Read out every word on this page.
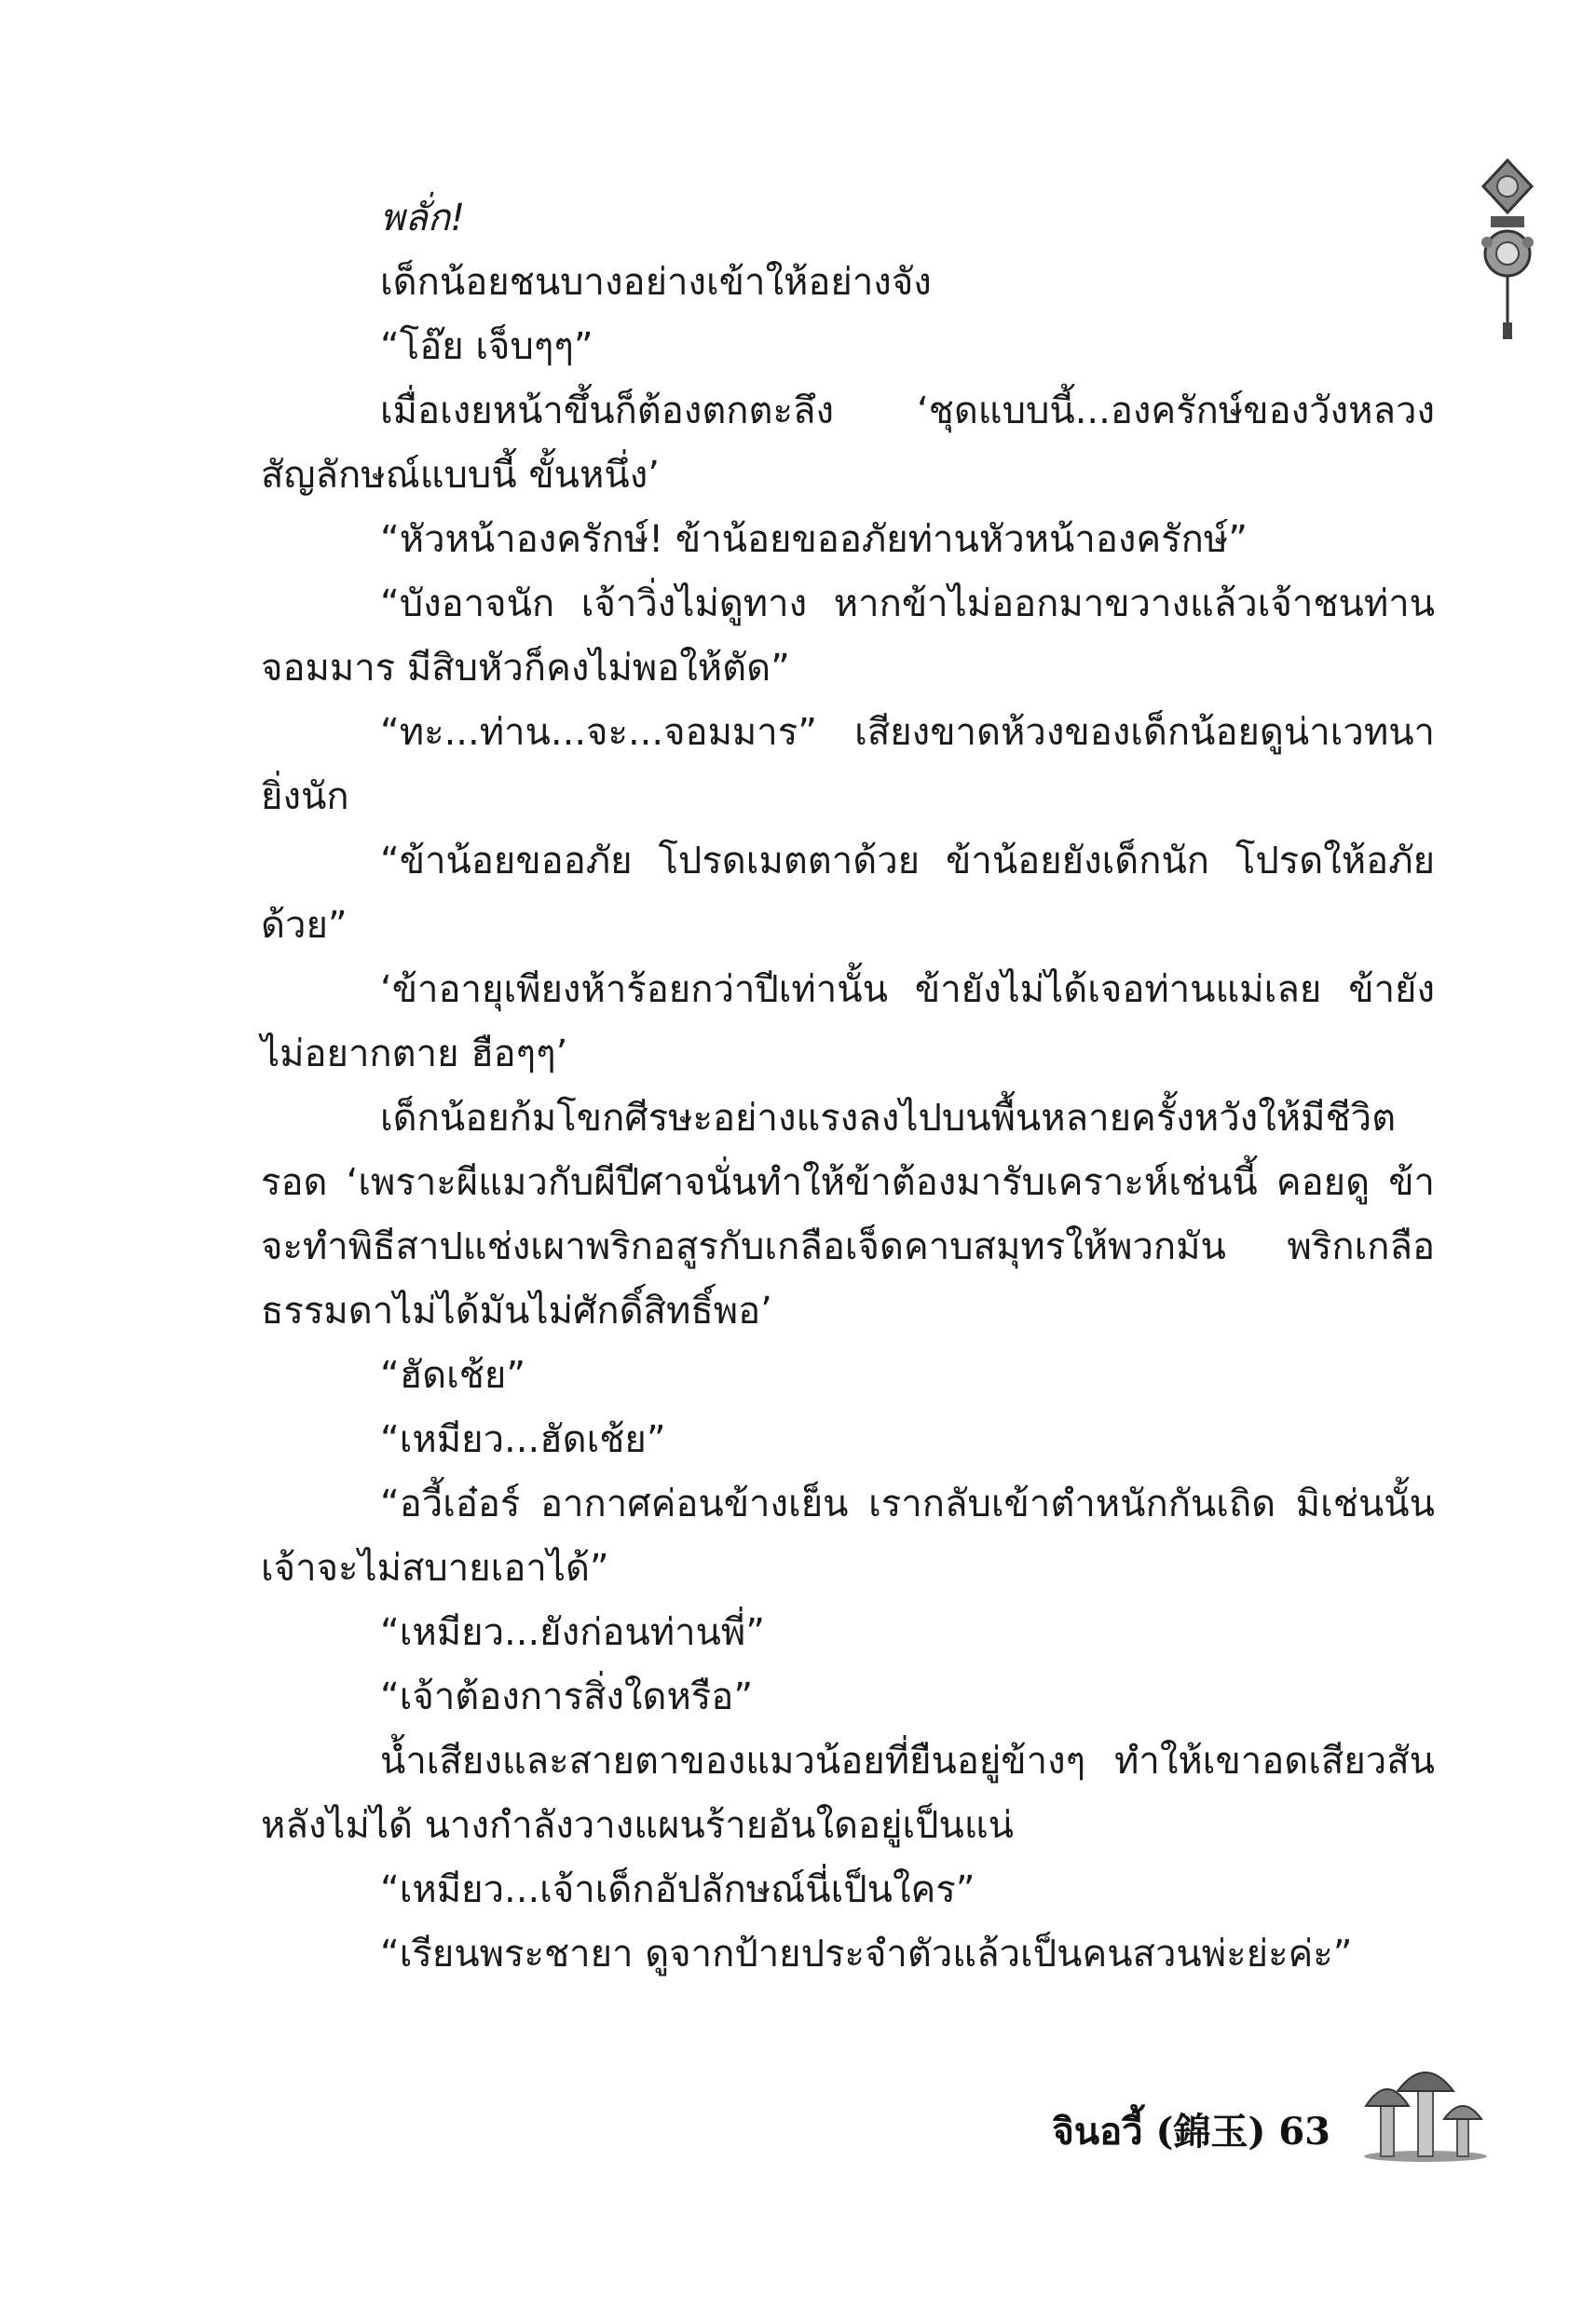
พลั่ก!

เด็กน้อยชนบางอย่างเข้าให้อย่างจัง

“โอ๊ย เจ็บๆๆ”

เมื่อเงยหน้าขึ้นก็ต้องตกตะลึง ‘ชุดแบบนี้...องครักษ์ของวังหลวง สัญลักษณ์แบบนี้ ขั้นหนึ่ง’

“หัวหน้าองครักษ์! ข้าน้อยขออภัยท่านหัวหน้าองครักษ์”

“บังอาจนัก เจ้าวิ่งไม่ดูทาง หากข้าไม่ออกมาขวางแล้วเจ้าชนท่านจอมมาร มีสิบหัวก็คงไม่พอให้ตัด”

“ทะ...ท่าน...จะ...จอมมาร” เสียงขาดห้วงของเด็กน้อยดูน่าเวทนายิ่งนัก

“ข้าน้อยขออภัย โปรดเมตตาด้วย ข้าน้อยยังเด็กนัก โปรดให้อภัยด้วย”

‘ข้าอายุเพียงห้าร้อยกว่าปีเท่านั้น ข้ายังไม่ได้เจอท่านแม่เลย ข้ายังไม่อยากตาย ฮือๆๆ’

เด็กน้อยก้มโขกศีรษะอย่างแรงลงไปบนพื้นหลายครั้งหวังให้มีชีวิตรอด ‘เพราะผีแมวกับผีปีศาจนั่นทำให้ข้าต้องมารับเคราะห์เช่นนี้ คอยดู ข้าจะทำพิธีสาปแช่งเผาพริกอสูรกับเกลือเจ็ดคาบสมุทรให้พวกมัน พริกเกลือธรรมดาไม่ได้มันไม่ศักดิ์สิทธิ์พอ’

“ฮัดเช้ย”

“เหมียว...ฮัดเช้ย”

“อวี้เอ๋อร์ อากาศค่อนข้างเย็น เรากลับเข้าตำหนักกันเถิด มิเช่นนั้นเจ้าจะไม่สบายเอาได้”

“เหมียว...ยังก่อนท่านพี่”

“เจ้าต้องการสิ่งใดหรือ”

น้ำเสียงและสายตาของแมวน้อยที่ยืนอยู่ข้างๆ ทำให้เขาอดเสียวสันหลังไม่ได้ นางกำลังวางแผนร้ายอันใดอยู่เป็นแน่

“เหมียว...เจ้าเด็กอัปลักษณ์นี่เป็นใคร”

“เรียนพระชายา ดูจากป้ายประจำตัวแล้วเป็นคนสวนพ่ะย่ะค่ะ”

จินอวี้ (錦玉) 63
